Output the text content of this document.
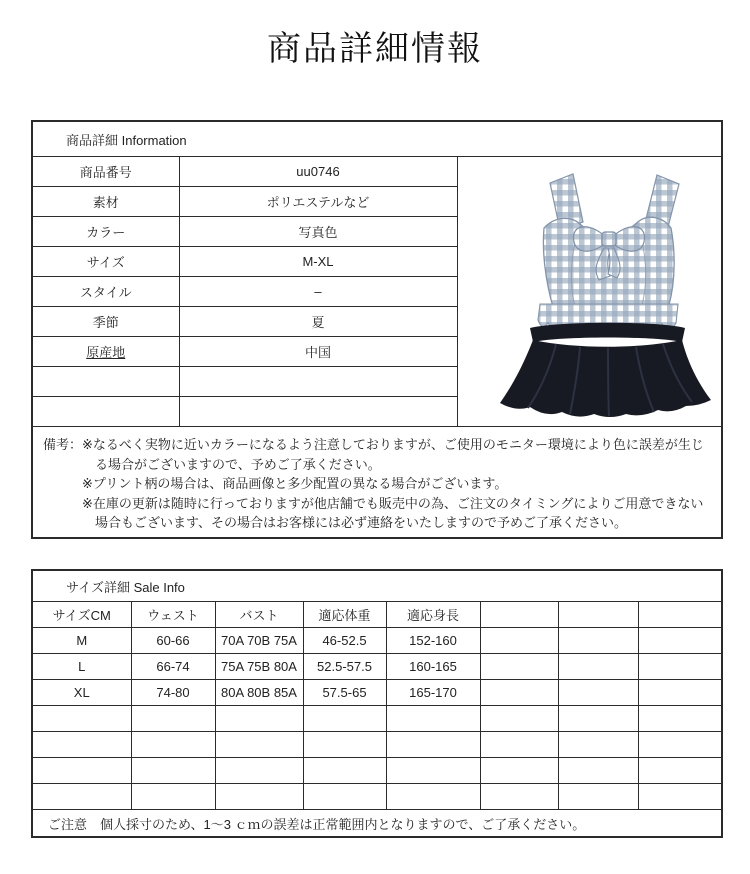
商品詳細情報
商品詳細 Information		
商品番号	uu0746	

素材	ポリエステルなど	
カラー	写真色	
サイズ	M-XL	
スタイル	–	
季節	夏	
原産地	中国	

備考： ※なるべく実物に近いカラーになるよう注意しておりますが、ご使用のモニター環境により色に誤差が生じる場合がございますので、予めご了承ください。

※プリント柄の場合は、商品画像と多少配置の異なる場合がございます。

※在庫の更新は随時に行っておりますが他店舗でも販売中の為、ご注文のタイミングによりご用意できない場合もございます、その場合はお客様には必ず連絡をいたしますので予めご了承ください。		

サイズ詳細 Sale Info							
サイズCM	ウェスト	バスト	適応体重	適応身長			
M	60-66	70A 70B 75A	46-52.5	152-160			
L	66-74	75A 75B 80A	52.5-57.5	160-165			
XL	74-80	80A 80B 85A	57.5-65	165-170			

ご注意　個人採寸のため、1～3 ｃｍの誤差は正常範囲内となりますので、ご了承ください。							
